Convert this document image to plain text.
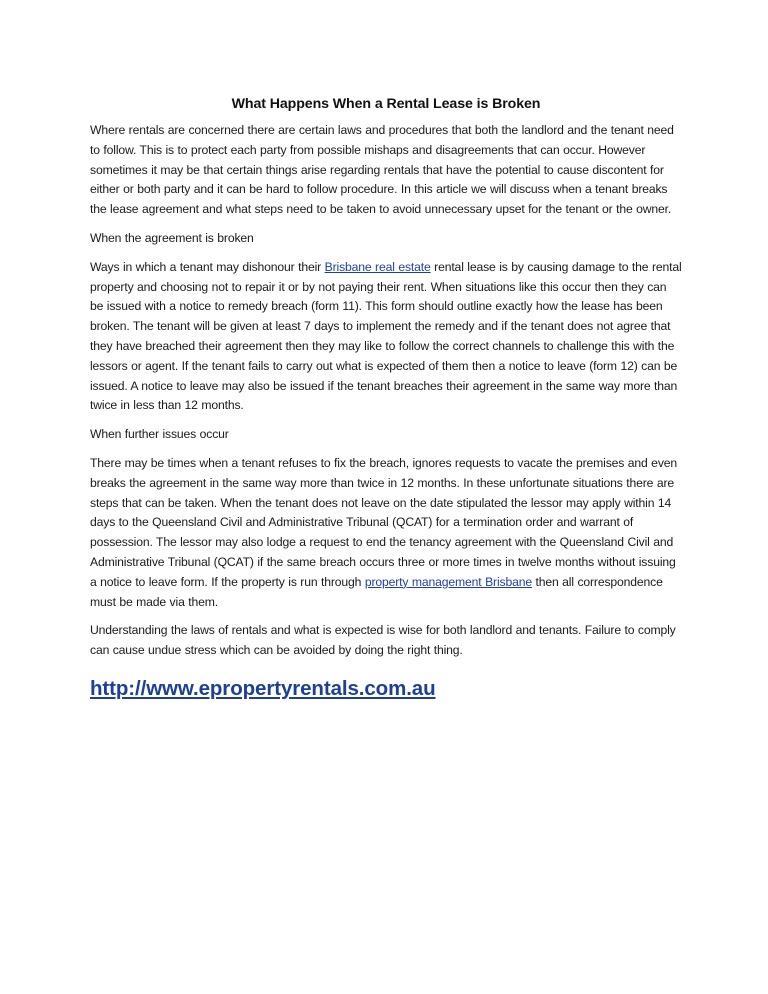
What Happens When a Rental Lease is Broken

Where rentals are concerned there are certain laws and procedures that both the landlord and the tenant need to follow. This is to protect each party from possible mishaps and disagreements that can occur. However sometimes it may be that certain things arise regarding rentals that have the potential to cause discontent for either or both party and it can be hard to follow procedure. In this article we will discuss when a tenant breaks the lease agreement and what steps need to be taken to avoid unnecessary upset for the tenant or the owner.

When the agreement is broken

Ways in which a tenant may dishonour their Brisbane real estate rental lease is by causing damage to the rental property and choosing not to repair it or by not paying their rent. When situations like this occur then they can be issued with a notice to remedy breach (form 11). This form should outline exactly how the lease has been broken. The tenant will be given at least 7 days to implement the remedy and if the tenant does not agree that they have breached their agreement then they may like to follow the correct channels to challenge this with the lessors or agent. If the tenant fails to carry out what is expected of them then a notice to leave (form 12) can be issued. A notice to leave may also be issued if the tenant breaches their agreement in the same way more than twice in less than 12 months.

When further issues occur

There may be times when a tenant refuses to fix the breach, ignores requests to vacate the premises and even breaks the agreement in the same way more than twice in 12 months. In these unfortunate situations there are steps that can be taken. When the tenant does not leave on the date stipulated the lessor may apply within 14 days to the Queensland Civil and Administrative Tribunal (QCAT) for a termination order and warrant of possession. The lessor may also lodge a request to end the tenancy agreement with the Queensland Civil and Administrative Tribunal (QCAT) if the same breach occurs three or more times in twelve months without issuing a notice to leave form. If the property is run through property management Brisbane then all correspondence must be made via them.

Understanding the laws of rentals and what is expected is wise for both landlord and tenants. Failure to comply can cause undue stress which can be avoided by doing the right thing.

http://www.epropertyrentals.com.au
